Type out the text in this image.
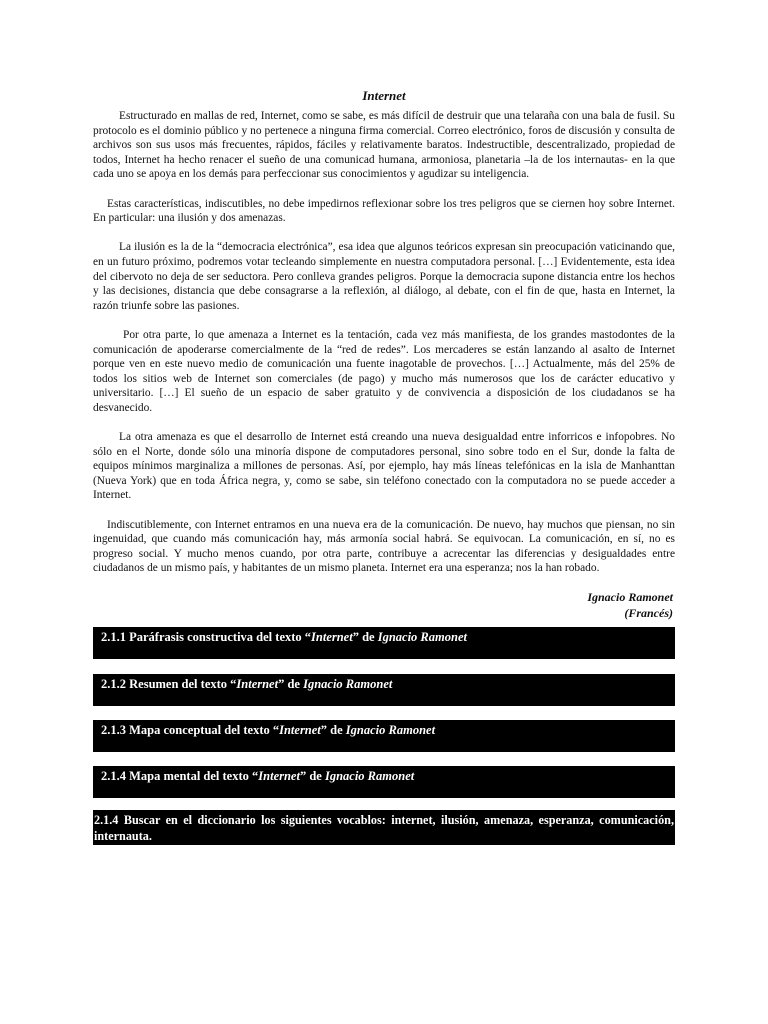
Internet

Estructurado en mallas de red, Internet, como se sabe, es más difícil de destruir que una telaraña con una bala de fusil. Su protocolo es el dominio público y no pertenece a ninguna firma comercial. Correo electrónico, foros de discusión y consulta de archivos son sus usos más frecuentes, rápidos, fáciles y relativamente baratos. Indestructible, descentralizado, propiedad de todos, Internet ha hecho renacer el sueño de una comunicad humana, armoniosa, planetaria –la de los internautas- en la que cada uno se apoya en los demás para perfeccionar sus conocimientos y agudizar su inteligencia.

Estas características, indiscutibles, no debe impedirnos reflexionar sobre los tres peligros que se ciernen hoy sobre Internet. En particular: una ilusión y dos amenazas.

La ilusión es la de la “democracia electrónica”, esa idea que algunos teóricos expresan sin preocupación vaticinando que, en un futuro próximo, podremos votar tecleando simplemente en nuestra computadora personal. […] Evidentemente, esta idea del cibervoto no deja de ser seductora. Pero conlleva grandes peligros. Porque la democracia supone distancia entre los hechos y las decisiones, distancia que debe consagrarse a la reflexión, al diálogo, al debate, con el fin de que, hasta en Internet, la razón triunfe sobre las pasiones.

Por otra parte, lo que amenaza a Internet es la tentación, cada vez más manifiesta, de los grandes mastodontes de la comunicación de apoderarse comercialmente de la “red de redes”. Los mercaderes se están lanzando al asalto de Internet porque ven en este nuevo medio de comunicación una fuente inagotable de provechos. […] Actualmente, más del 25% de todos los sitios web de Internet son comerciales (de pago) y mucho más numerosos que los de carácter educativo y universitario. […] El sueño de un espacio de saber gratuito y de convivencia a disposición de los ciudadanos se ha desvanecido.

La otra amenaza es que el desarrollo de Internet está creando una nueva desigualdad entre inforricos e infopobres. No sólo en el Norte, donde sólo una minoría dispone de computadores personal, sino sobre todo en el Sur, donde la falta de equipos mínimos marginaliza a millones de personas. Así, por ejemplo, hay más líneas telefónicas en la isla de Manhanttan (Nueva York) que en toda África negra, y, como se sabe, sin teléfono conectado con la computadora no se puede acceder a Internet.

Indiscutiblemente, con Internet entramos en una nueva era de la comunicación. De nuevo, hay muchos que piensan, no sin ingenuidad, que cuando más comunicación hay, más armonía social habrá. Se equivocan. La comunicación, en sí, no es progreso social. Y mucho menos cuando, por otra parte, contribuye a acrecentar las diferencias y desigualdades entre ciudadanos de un mismo país, y habitantes de un mismo planeta. Internet era una esperanza; nos la han robado.

Ignacio Ramonet
(Francés)
2.1.1 Paráfrasis constructiva del texto “Internet” de Ignacio Ramonet
2.1.2 Resumen del texto “Internet” de Ignacio Ramonet
2.1.3 Mapa conceptual del texto “Internet” de Ignacio Ramonet
2.1.4 Mapa mental del texto “Internet” de Ignacio Ramonet
2.1.4 Buscar en el diccionario los siguientes vocablos: internet, ilusión, amenaza, esperanza, comunicación, internauta.
